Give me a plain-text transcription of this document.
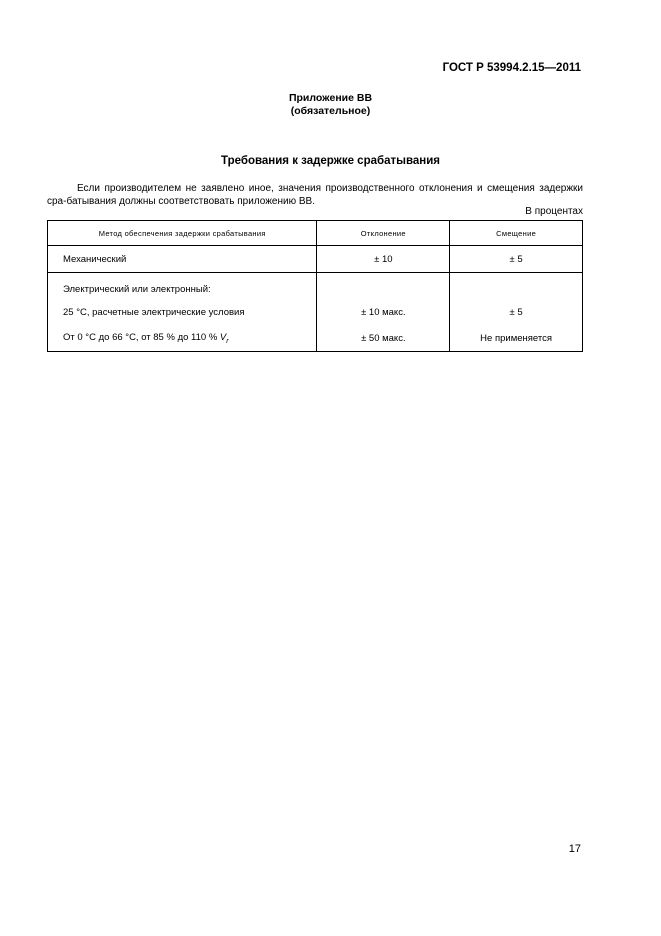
ГОСТ Р 53994.2.15—2011
Приложение ВВ
(обязательное)
Требования к задержке срабатывания
Если производителем не заявлено иное, значения производственного отклонения и смещения задержки сра-батывания должны соответствовать приложению ВВ.
В процентах
Метод обеспечения задержки срабатывания	Отклонение	Смещение
Механический	± 10	± 5
Электрический или электронный:		
25 °С, расчетные электрические условия	± 10 макс.	± 5
От 0 °С до 66 °С, от 85 % до 110 % $V_r$	± 50 макс.	Не применяется
17
